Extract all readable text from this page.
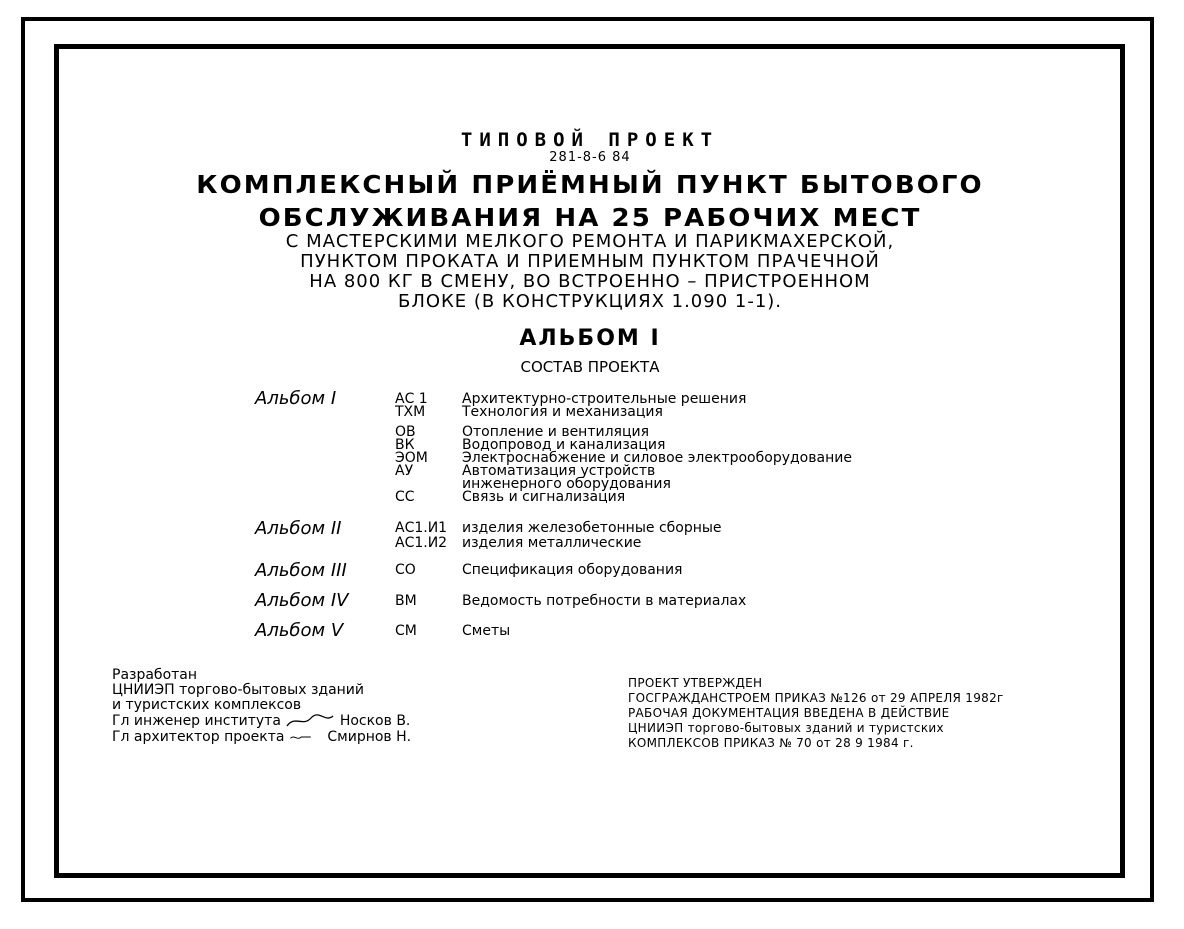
ТИПОВОЙ ПРОЕКТ
281-8-6 84
КОМПЛЕКСНЫЙ ПРИЁМНЫЙ ПУНКТ БЫТОВОГО
ОБСЛУЖИВАНИЯ НА 25 РАБОЧИХ МЕСТ
С МАСТЕРСКИМИ МЕЛКОГО РЕМОНТА И ПАРИКМАХЕРСКОЙ,
ПУНКТОМ ПРОКАТА И ПРИЕМНЫМ ПУНКТОМ ПРАЧЕЧНОЙ
НА 800 КГ В СМЕНУ, ВО ВСТРОЕННО – ПРИСТРОЕННОМ
БЛОКЕ (В КОНСТРУКЦИЯХ 1.090 1-1).
АЛЬБОМ I
СОСТАВ ПРОЕКТА
Альбом I	АС 1	Архитектурно-строительные решения
ТХМ	Технология и механизация
ОВ	Отопление и вентиляция
ВК	Водопровод и канализация
ЭОМ	Электроснабжение и силовое электрооборудование
АУ	Автоматизация устройств
инженерного оборудования
СС	Связь и сигнализация
Альбом II	АС1.И1	изделия железобетонные сборные
АС1.И2	изделия металлические
Альбом III	СО	Спецификация оборудования
Альбом IV	ВМ	Ведомость потребности в материалах
Альбом V	СМ	Сметы
Разработан
ЦНИИЭП торгово-бытовых зданий
и туристских комплексов
Гл инженер института	Носков В.
Гл архитектор проекта	Смирнов Н.
ПРОЕКТ УТВЕРЖДЕН
ГОСГРАЖДАНСТРОЕМ ПРИКАЗ №126 от 29 АПРЕЛЯ 1982г
РАБОЧАЯ ДОКУМЕНТАЦИЯ ВВЕДЕНА В ДЕЙСТВИЕ
ЦНИИЭП торгово-бытовых зданий и туристских
КОМПЛЕКСОВ ПРИКАЗ № 70 от 28 9 1984 г.
